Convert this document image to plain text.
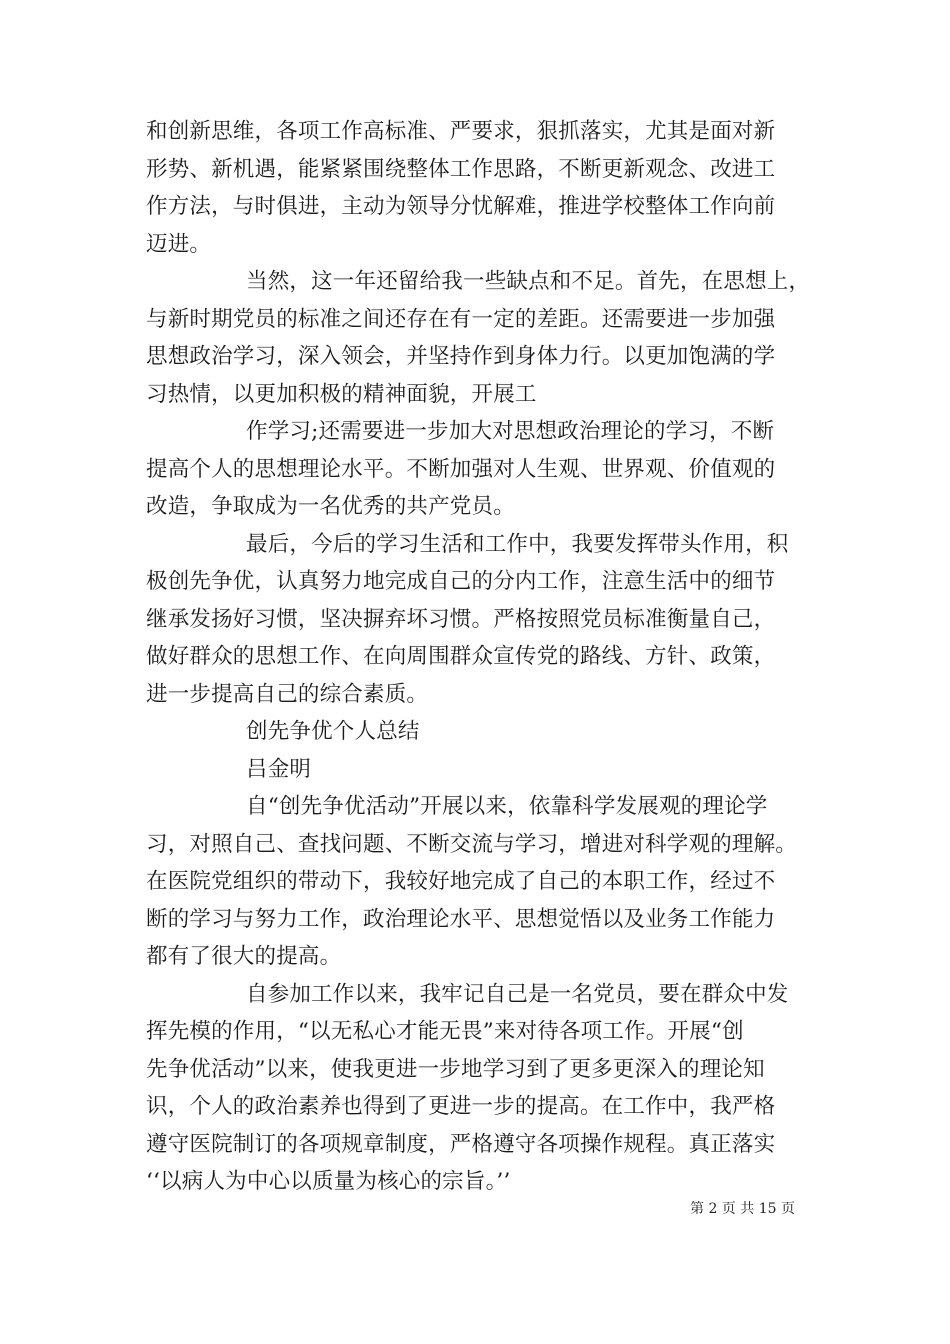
和创新思维，各项工作高标准、严要求，狠抓落实，尤其是面对新
形势、新机遇，能紧紧围绕整体工作思路，不断更新观念、改进工
作方法，与时俱进，主动为领导分忧解难，推进学校整体工作向前
迈进。
当然，这一年还留给我一些缺点和不足。首先，在思想上，
与新时期党员的标准之间还存在有一定的差距。还需要进一步加强
思想政治学习，深入领会，并坚持作到身体力行。以更加饱满的学
习热情，以更加积极的精神面貌，开展工
作学习;还需要进一步加大对思想政治理论的学习，不断
提高个人的思想理论水平。不断加强对人生观、世界观、价值观的
改造，争取成为一名优秀的共产党员。
最后，今后的学习生活和工作中，我要发挥带头作用，积
极创先争优，认真努力地完成自己的分内工作，注意生活中的细节
继承发扬好习惯，坚决摒弃坏习惯。严格按照党员标准衡量自己，
做好群众的思想工作、在向周围群众宣传党的路线、方针、政策，
进一步提高自己的综合素质。
创先争优个人总结
吕金明
自“创先争优活动”开展以来，依靠科学发展观的理论学
习，对照自己、查找问题、不断交流与学习，增进对科学观的理解。
在医院党组织的带动下，我较好地完成了自己的本职工作，经过不
断的学习与努力工作，政治理论水平、思想觉悟以及业务工作能力
都有了很大的提高。
自参加工作以来，我牢记自己是一名党员，要在群众中发
挥先模的作用，“以无私心才能无畏”来对待各项工作。开展“创
先争优活动”以来，使我更进一步地学习到了更多更深入的理论知
识，个人的政治素养也得到了更进一步的提高。在工作中，我严格
遵守医院制订的各项规章制度，严格遵守各项操作规程。真正落实
‘‘以病人为中心以质量为核心的宗旨。’’
第 2 页 共 15 页
